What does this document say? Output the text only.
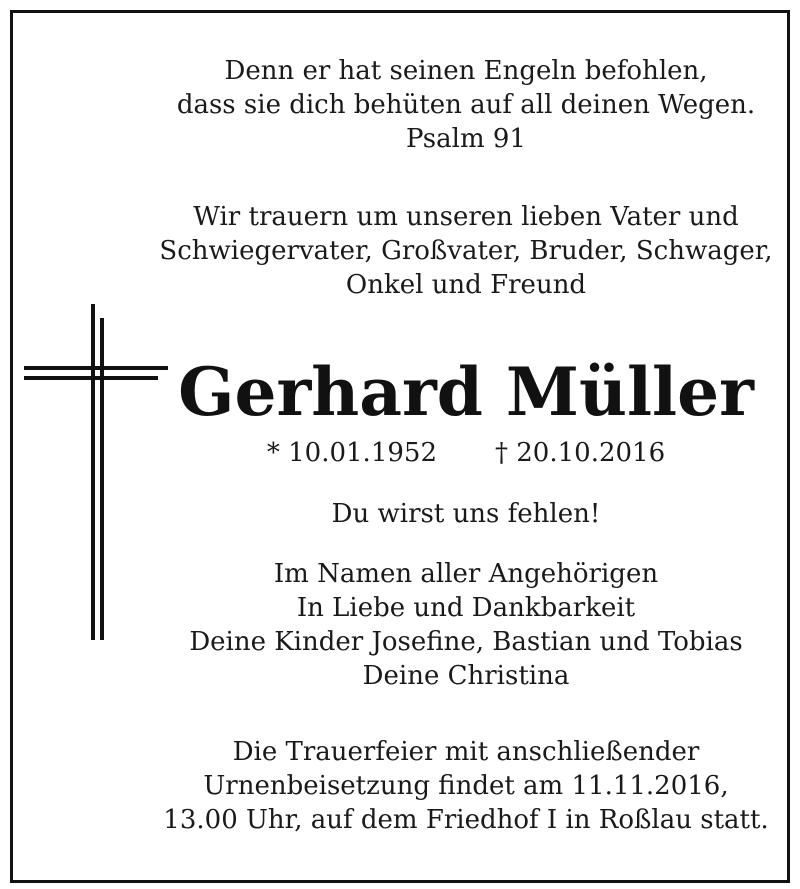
Denn er hat seinen Engeln befohlen,
dass sie dich behüten auf all deinen Wegen.
Psalm 91
Wir trauern um unseren lieben Vater und
Schwiegervater, Großvater, Bruder, Schwager,
Onkel und Freund
Gerhard Müller
* 10.01.1952 † 20.10.2016
Du wirst uns fehlen!
Im Namen aller Angehörigen
In Liebe und Dankbarkeit
Deine Kinder Josefine, Bastian und Tobias
Deine Christina
Die Trauerfeier mit anschließender
Urnenbeisetzung findet am 11.11.2016,
13.00 Uhr, auf dem Friedhof I in Roßlau statt.
